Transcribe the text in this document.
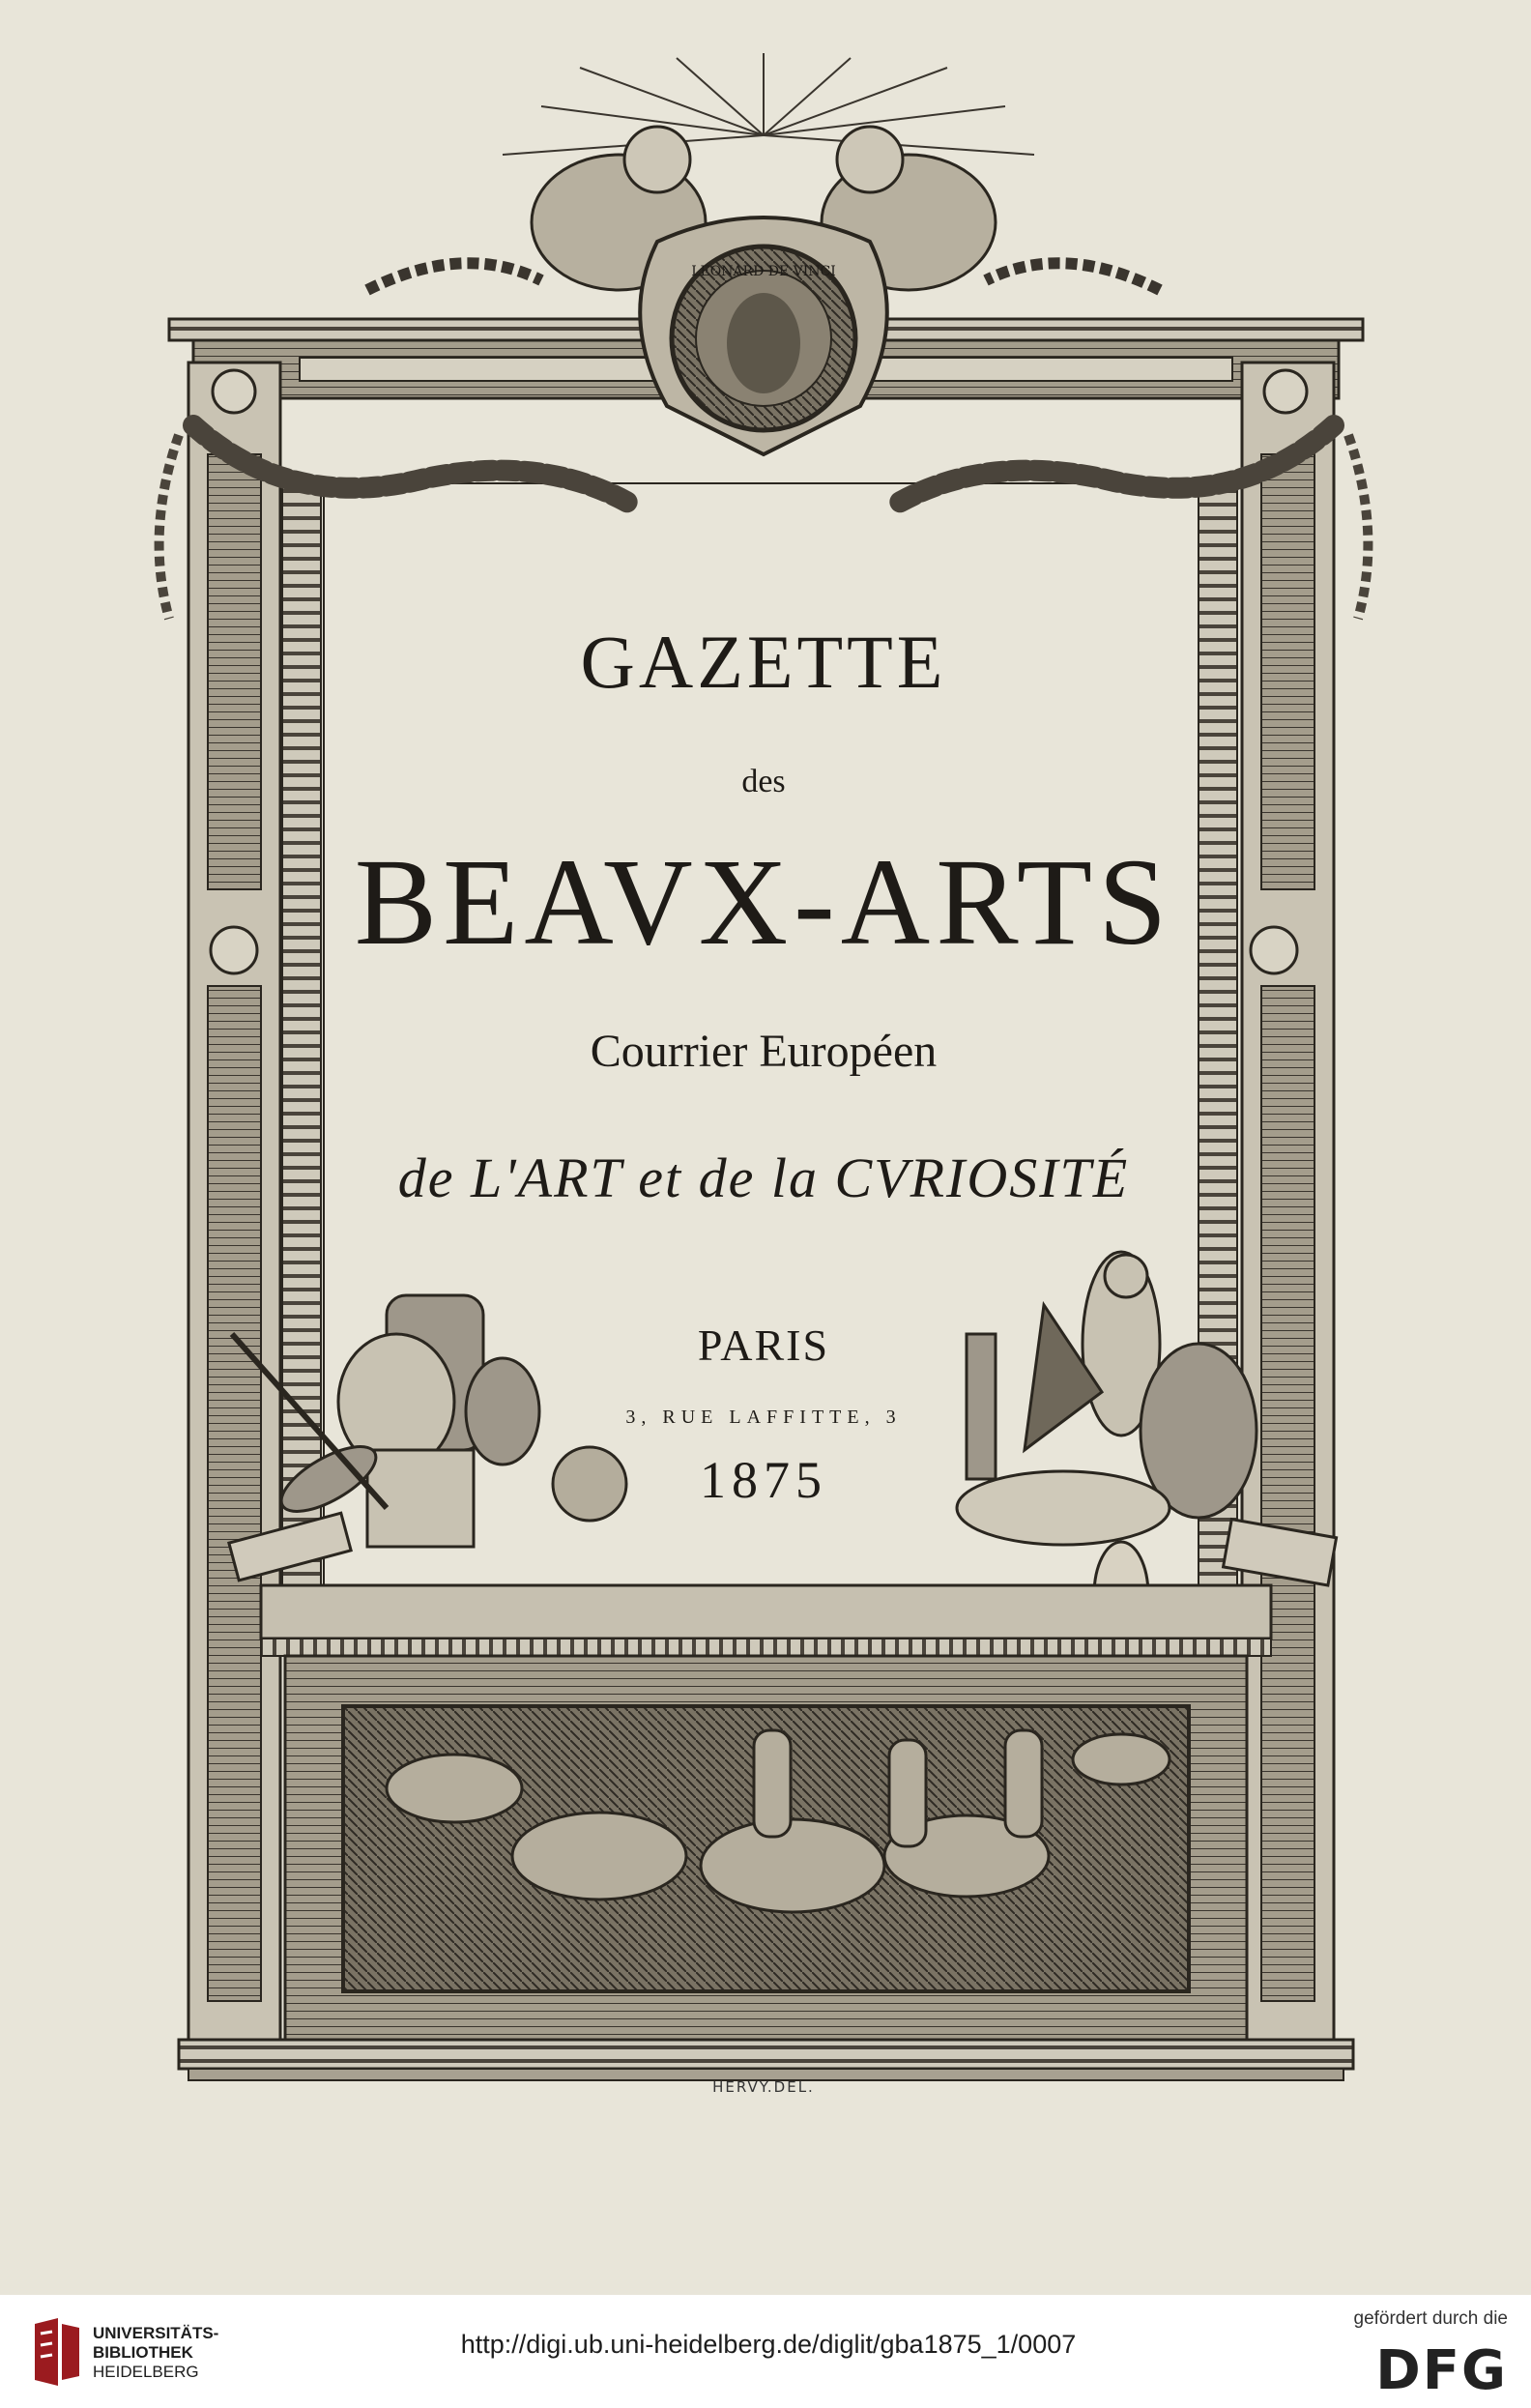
LEONARD DE VINCI
GAZETTE
des
BEAVX-ARTS
Courrier Européen
de L'ART et de la CVRIOSITÉ
PARIS
3, RUE LAFFITTE, 3
1875
HERVY.DEL.
UNIVERSITÄTS-
BIBLIOTHEK
HEIDELBERG
http://digi.ub.uni-heidelberg.de/diglit/gba1875_1/0007
gefördert durch die
DFG
